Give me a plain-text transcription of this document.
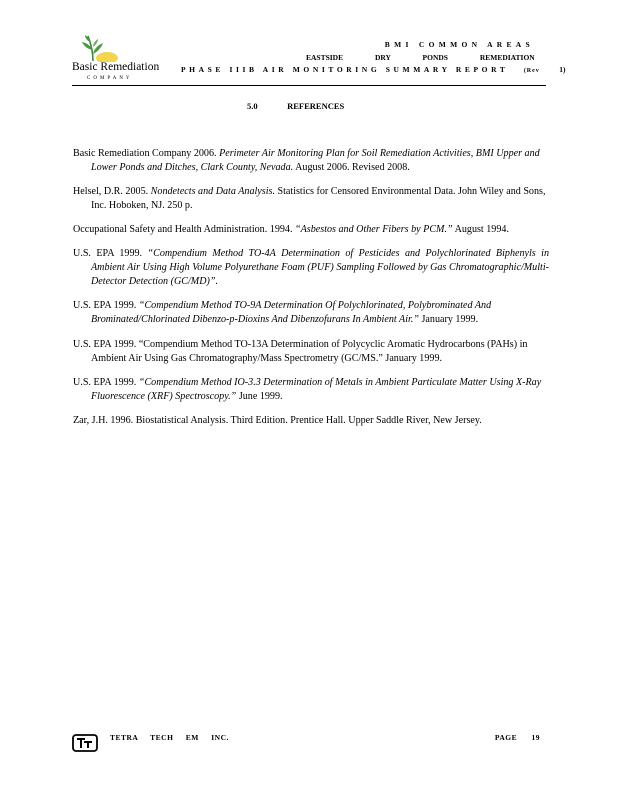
Basic Remediation
COMPANY
BMI COMMON AREAS
EASTSIDE DRY PONDS REMEDIATION
PHASE IIIB AIR MONITORING SUMMARY REPORT	(Rev	1)
5.0	REFERENCES

Basic Remediation Company 2006. Perimeter Air Monitoring Plan for Soil Remediation Activities, BMI Upper and Lower Ponds and Ditches, Clark County, Nevada. August 2006. Revised 2008.

Helsel, D.R. 2005. Nondetects and Data Analysis. Statistics for Censored Environmental Data. John Wiley and Sons, Inc. Hoboken, NJ. 250 p.

Occupational Safety and Health Administration. 1994. “Asbestos and Other Fibers by PCM.” August 1994.

U.S. EPA 1999. “Compendium Method TO-4A Determination of Pesticides and Polychlorinated Biphenyls in Ambient Air Using High Volume Polyurethane Foam (PUF) Sampling Followed by Gas Chromatographic/Multi-Detector Detection (GC/MD)”.

U.S. EPA 1999. “Compendium Method TO-9A Determination Of Polychlorinated, Polybrominated And Brominated/Chlorinated Dibenzo-p-Dioxins And Dibenzofurans In Ambient Air.” January 1999.

U.S. EPA 1999. “Compendium Method TO-13A Determination of Polycyclic Aromatic Hydrocarbons (PAHs) in Ambient Air Using Gas Chromatography/Mass Spectrometry (GC/MS.” January 1999.

U.S. EPA 1999. “Compendium Method IO-3.3 Determination of Metals in Ambient Particulate Matter Using X-Ray Fluorescence (XRF) Spectroscopy.” June 1999.

Zar, J.H. 1996. Biostatistical Analysis. Third Edition. Prentice Hall. Upper Saddle River, New Jersey.

TETRA TECH EM INC.	PAGE 19
